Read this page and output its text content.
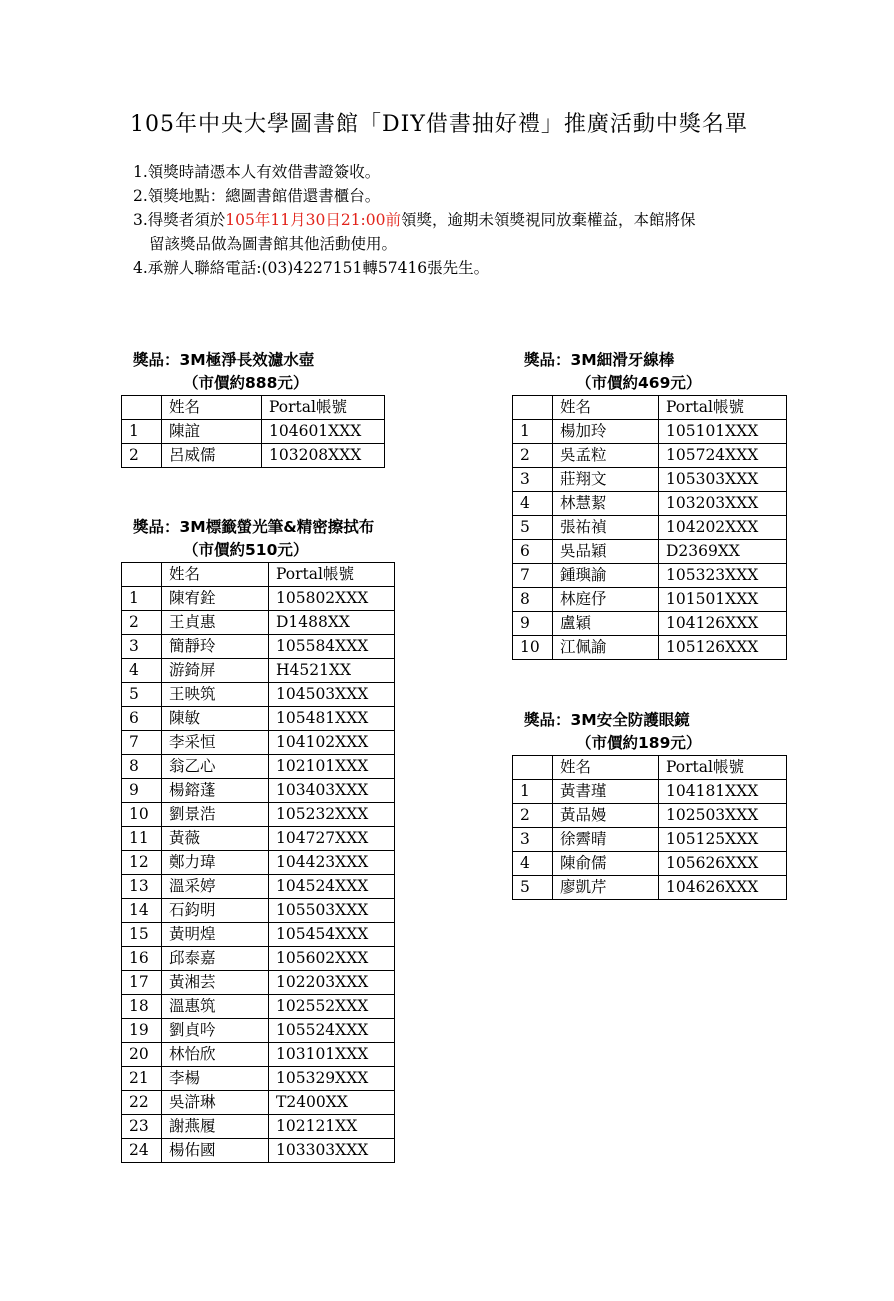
105年中央大學圖書館「DIY借書抽好禮」推廣活動中獎名單
1.領獎時請憑本人有效借書證簽收。
2.領獎地點：總圖書館借還書櫃台。
3.得獎者須於105年11月30日21:00前領獎，逾期未領獎視同放棄權益，本館將保
留該獎品做為圖書館其他活動使用。
4.承辦人聯絡電話:(03)4227151轉57416張先生。
獎品：3M極淨長效濾水壺
（市價約888元）
	姓名	Portal帳號
1	陳誼	104601XXX
2	呂威儒	103208XXX
獎品：3M標籤螢光筆&精密擦拭布
（市價約510元）
	姓名	Portal帳號
1	陳宥銓	105802XXX
2	王貞惠	D1488XX
3	簡靜玲	105584XXX
4	游錡屏	H4521XX
5	王映筑	104503XXX
6	陳敏	105481XXX
7	李采恒	104102XXX
8	翁乙心	102101XXX
9	楊鎔蓬	103403XXX
10	劉景浩	105232XXX
11	黃薇	104727XXX
12	鄭力瑋	104423XXX
13	溫采婷	104524XXX
14	石鈞明	105503XXX
15	黃明煌	105454XXX
16	邱泰嘉	105602XXX
17	黃湘芸	102203XXX
18	溫惠筑	102552XXX
19	劉貞吟	105524XXX
20	林怡欣	103101XXX
21	李楊	105329XXX
22	吳滸琳	T2400XX
23	謝燕履	102121XX
24	楊佑國	103303XXX
獎品：3M細滑牙線棒
（市價約469元）
	姓名	Portal帳號
1	楊加玲	105101XXX
2	吳孟粒	105724XXX
3	莊翔文	105303XXX
4	林慧絜	103203XXX
5	張祐禎	104202XXX
6	吳品穎	D2369XX
7	鍾璵諭	105323XXX
8	林庭伃	101501XXX
9	盧穎	104126XXX
10	江佩諭	105126XXX
獎品：3M安全防護眼鏡
（市價約189元）
	姓名	Portal帳號
1	黃書瑾	104181XXX
2	黃品嫚	102503XXX
3	徐霽晴	105125XXX
4	陳俞儒	105626XXX
5	廖凱芹	104626XXX
